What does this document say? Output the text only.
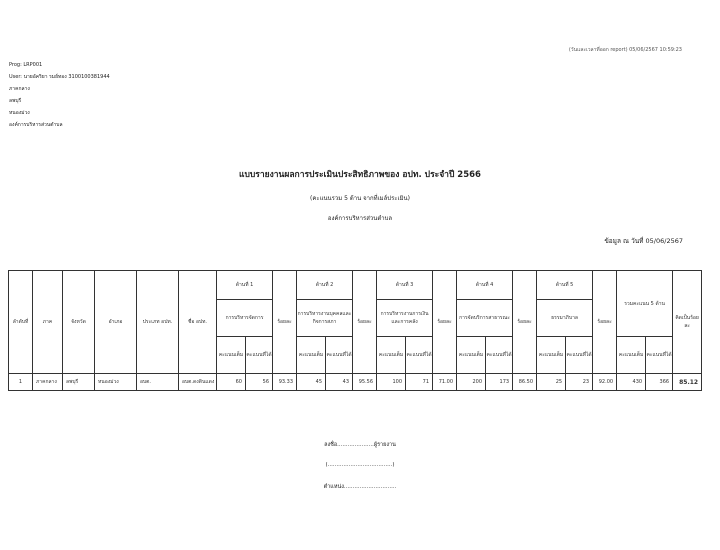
(วันและเวลาที่ออก report) 05/06/2567 10:59:23
Prog: LRP001
User: นายอัคริยา รมย์ทอง 3100100381944
ภาคกลาง
ลพบุรี
หนองม่วง
องค์การบริหารส่วนตำบล
แบบรายงานผลการประเมินประสิทธิภาพของ อปท. ประจำปี 2566
(คะแนนรวม 5 ด้าน จากที่เมล์ประเมิน)
องค์การบริหารส่วนตำบล
ข้อมูล ณ วันที่ 05/06/2567
ลำดับที่	ภาค	จังหวัด	อำเภอ	ประเภท อปท.	ชื่อ อปท.	ด้านที่ 1		ร้อยละ	ด้านที่ 2		ร้อยละ	ด้านที่ 3		ร้อยละ	ด้านที่ 4		ร้อยละ	ด้านที่ 5		ร้อยละ	รวมคะแนน 5 ด้าน		คิดเป็นร้อยละ
						การบริหารจัดการ			การบริหารงานบุคคลและกิจการสภา			การบริหารงานการเงินและการคลัง			การจัดบริการสาธารณะ			ธรรมาภิบาล					
						คะแนนเต็ม	คะแนนที่ได้		คะแนนเต็ม	คะแนนที่ได้		คะแนนเต็ม	คะแนนที่ได้		คะแนนเต็ม	คะแนนที่ได้		คะแนนเต็ม	คะแนนที่ได้		คะแนนเต็ม	คะแนนที่ได้	
1	ภาคกลาง	ลพบุรี	หนองม่วง	อบต.	อบต.ดงดินแดง	60	56	93.33	45	43	95.56	100	71	71.00	200	173	86.50	25	23	92.00	430	366	85.12
ลงชื่อ.....................ผู้รายงาน
(.....................................)
ตำแหน่ง..............................
